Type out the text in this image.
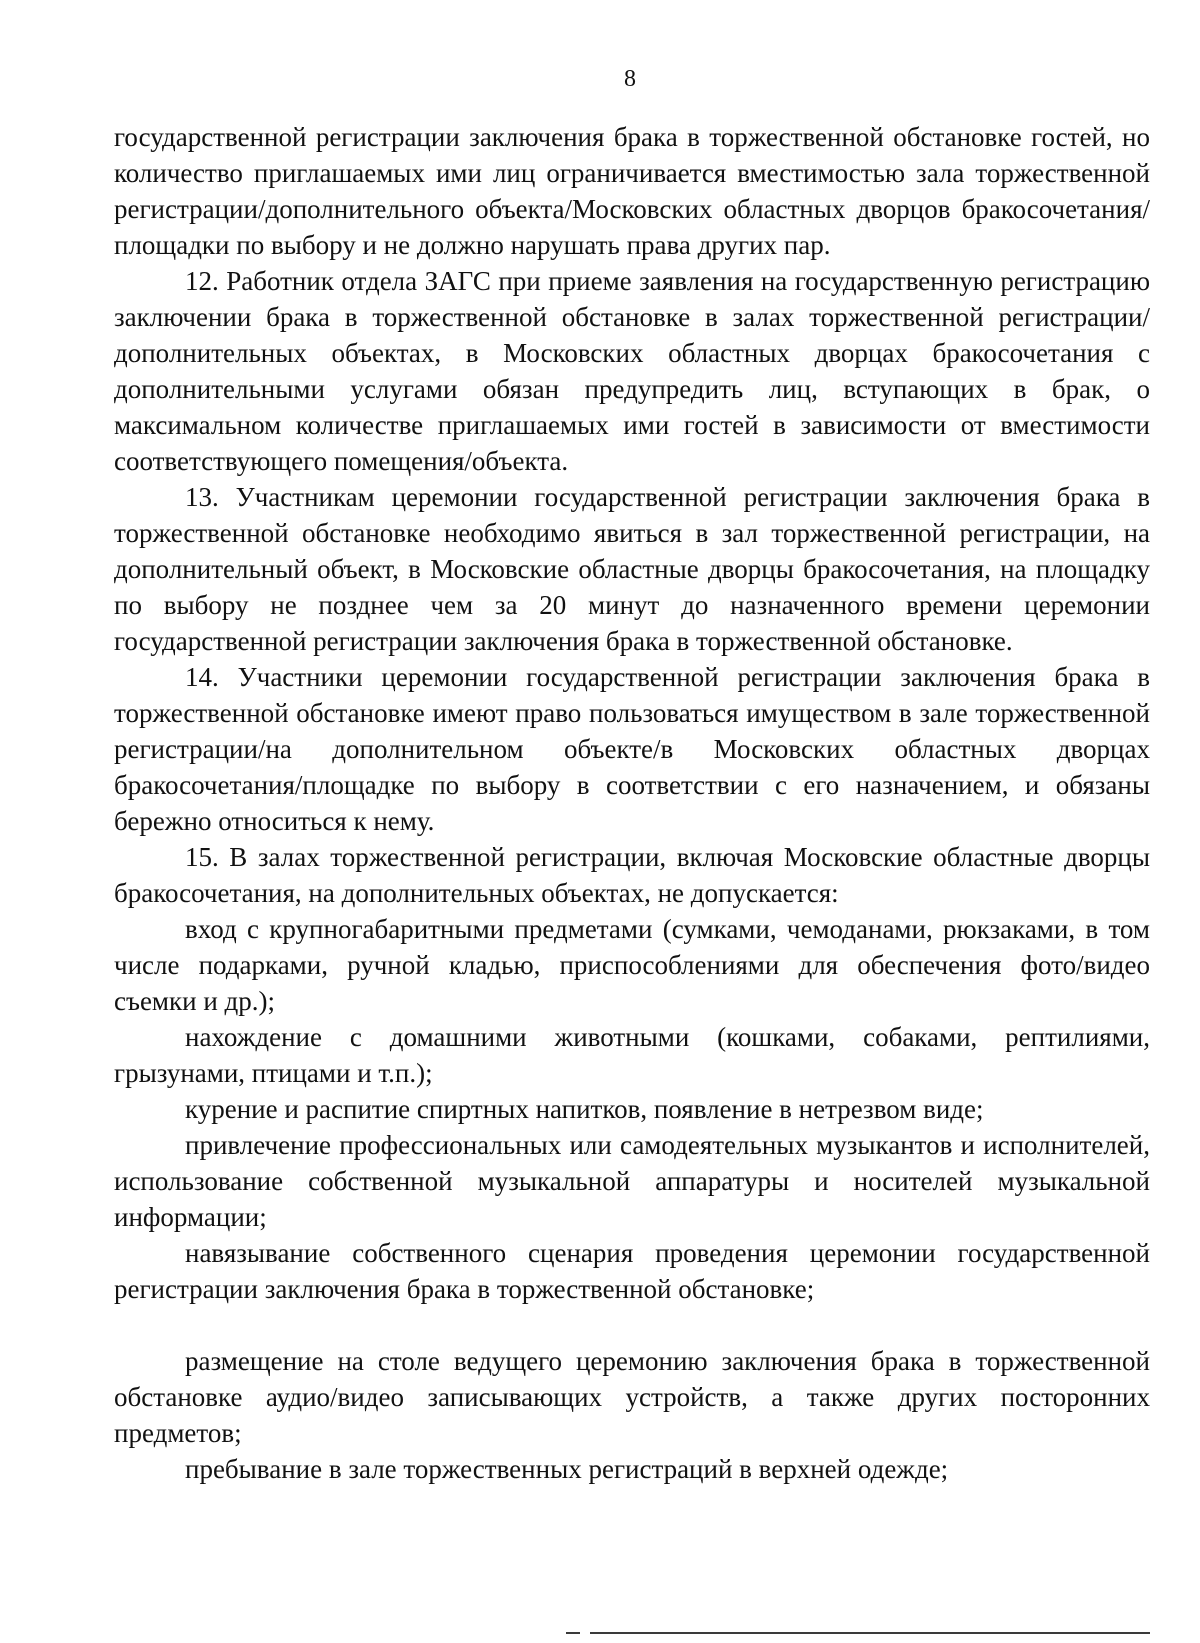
8

государственной регистрации заключения брака в торжественной обстановке гостей, но количество приглашаемых ими лиц ограничивается вместимостью зала торжественной регистрации/дополнительного объекта/Московских областных дворцов бракосочетания/площадки по выбору и не должно нарушать права других пар.

12. Работник отдела ЗАГС при приеме заявления на государственную регистрацию заключении брака в торжественной обстановке в залах торжественной регистрации/дополнительных объектах, в Московских областных дворцах бракосочетания с дополнительными услугами обязан предупредить лиц, вступающих в брак, о максимальном количестве приглашаемых ими гостей в зависимости от вместимости соответствующего помещения/объекта.

13. Участникам церемонии государственной регистрации заключения брака в торжественной обстановке необходимо явиться в зал торжественной регистрации, на дополнительный объект, в Московские областные дворцы бракосочетания, на площадку по выбору не позднее чем за 20 минут до назначенного времени церемонии государственной регистрации заключения брака в торжественной обстановке.

14. Участники церемонии государственной регистрации заключения брака в торжественной обстановке имеют право пользоваться имуществом в зале торжественной регистрации/на дополнительном объекте/в Московских областных дворцах бракосочетания/площадке по выбору в соответствии с его назначением, и обязаны бережно относиться к нему.

15. В залах торжественной регистрации, включая Московские областные дворцы бракосочетания, на дополнительных объектах, не допускается:

вход с крупногабаритными предметами (сумками, чемоданами, рюкзаками, в том числе подарками, ручной кладью, приспособлениями для обеспечения фото/видео съемки и др.);

нахождение с домашними животными (кошками, собаками, рептилиями, грызунами, птицами и т.п.);

курение и распитие спиртных напитков, появление в нетрезвом виде;

привлечение профессиональных или самодеятельных музыкантов и исполнителей, использование собственной музыкальной аппаратуры и носителей музыкальной информации;

навязывание собственного сценария проведения церемонии государственной регистрации заключения брака в торжественной обстановке;

размещение на столе ведущего церемонию заключения брака в торжественной обстановке аудио/видео записывающих устройств, а также других посторонних предметов;

пребывание в зале торжественных регистраций в верхней одежде;
